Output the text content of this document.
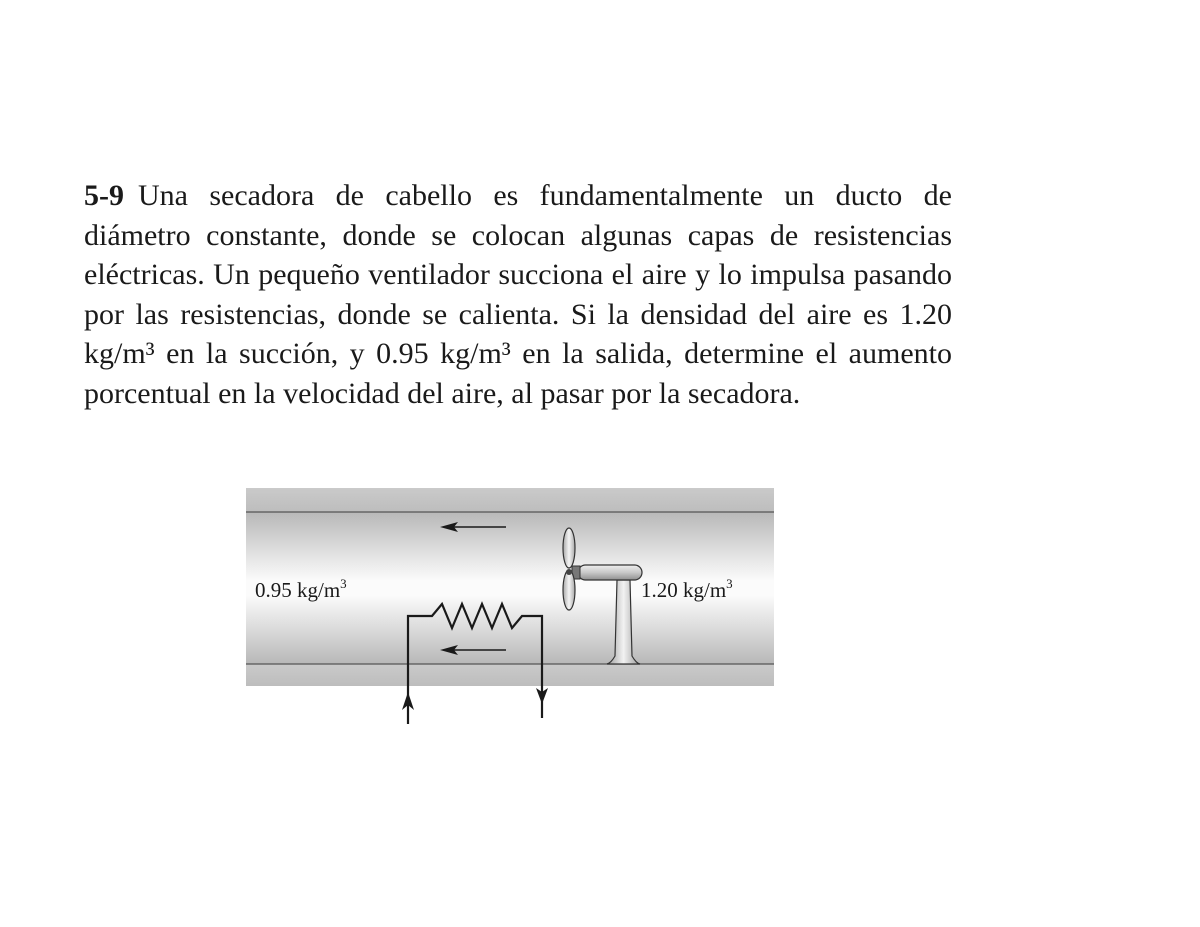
5-9 Una secadora de cabello es fundamentalmente un ducto de diámetro constante, donde se colocan algunas capas de resistencias eléctricas. Un pequeño ventilador succiona el aire y lo impulsa pasando por las resistencias, donde se calienta. Si la densidad del aire es 1.20 kg/m³ en la succión, y 0.95 kg/m³ en la salida, determine el aumento porcentual en la velocidad del aire, al pasar por la secadora.

0.95 $kg/m^3$	1.20 $kg/m^3$
